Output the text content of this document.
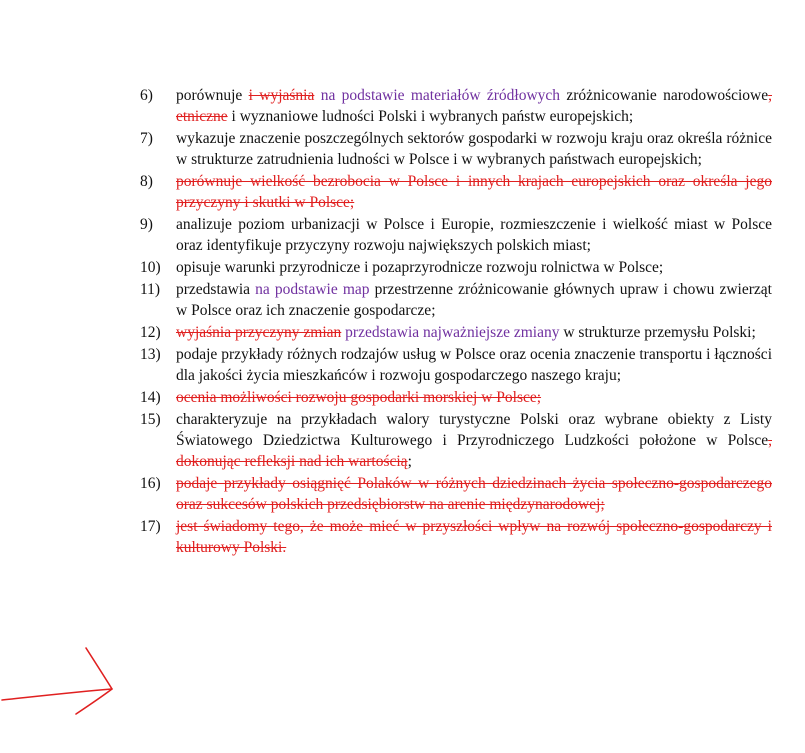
6)	porównuje i wyjaśnia na podstawie materiałów źródłowych zróżnicowanie narodowościowe, etniczne i wyznaniowe ludności Polski i wybranych państw europejskich;
7)	wykazuje znaczenie poszczególnych sektorów gospodarki w rozwoju kraju oraz określa różnice w strukturze zatrudnienia ludności w Polsce i w wybranych państwach europejskich;
8)	porównuje wielkość bezrobocia w Polsce i innych krajach europejskich oraz określa jego przyczyny i skutki w Polsce;
9)	analizuje poziom urbanizacji w Polsce i Europie, rozmieszczenie i wielkość miast w Polsce oraz identyfikuje przyczyny rozwoju największych polskich miast;
10) opisuje warunki przyrodnicze i pozaprzyrodnicze rozwoju rolnictwa w Polsce;
11)	przedstawia na podstawie map przestrzenne zróżnicowanie głównych upraw i chowu zwierząt w Polsce oraz ich znaczenie gospodarcze;
12) wyjaśnia przyczyny zmian przedstawia najważniejsze zmiany w strukturze przemysłu Polski;
13) podaje przykłady różnych rodzajów usług w Polsce oraz ocenia znaczenie transportu i łączności dla jakości życia mieszkańców i rozwoju gospodarczego naszego kraju;
14) ocenia możliwości rozwoju gospodarki morskiej w Polsce;
15) charakteryzuje na przykładach walory turystyczne Polski oraz wybrane obiekty z Listy Światowego Dziedzictwa Kulturowego i Przyrodniczego Ludzkości położone w Polsce, dokonując refleksji nad ich wartością;
16) podaje przykłady osiągnięć Polaków w różnych dziedzinach życia społeczno-gospodarczego oraz sukcesów polskich przedsiębiorstw na arenie międzynarodowej;
17) jest świadomy tego, że może mieć w przyszłości wpływ na rozwój społeczno-gospodarczy i kulturowy Polski.
